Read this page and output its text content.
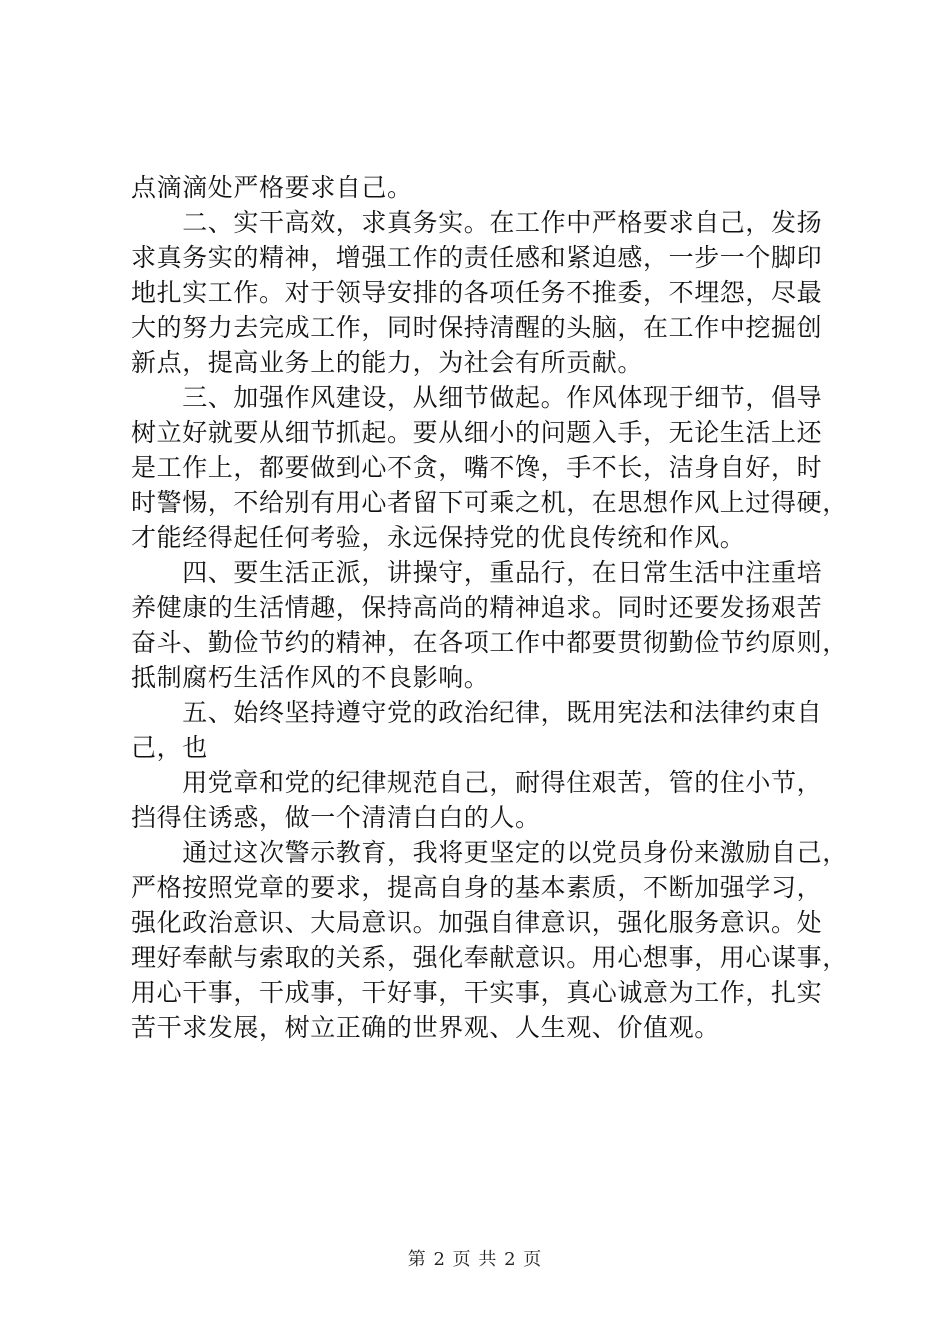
点滴滴处严格要求自己。
　　二、实干高效，求真务实。在工作中严格要求自己，发扬
求真务实的精神，增强工作的责任感和紧迫感，一步一个脚印
地扎实工作。对于领导安排的各项任务不推委，不埋怨，尽最
大的努力去完成工作，同时保持清醒的头脑，在工作中挖掘创
新点，提高业务上的能力，为社会有所贡献。
　　三、加强作风建设，从细节做起。作风体现于细节，倡导
树立好就要从细节抓起。要从细小的问题入手，无论生活上还
是工作上，都要做到心不贪，嘴不馋，手不长，洁身自好，时
时警惕，不给别有用心者留下可乘之机，在思想作风上过得硬，
才能经得起任何考验，永远保持党的优良传统和作风。
　　四、要生活正派，讲操守，重品行，在日常生活中注重培
养健康的生活情趣，保持高尚的精神追求。同时还要发扬艰苦
奋斗、勤俭节约的精神，在各项工作中都要贯彻勤俭节约原则，
抵制腐朽生活作风的不良影响。
　　五、始终坚持遵守党的政治纪律，既用宪法和法律约束自
己，也
　　用党章和党的纪律规范自己，耐得住艰苦，管的住小节，
挡得住诱惑，做一个清清白白的人。
　　通过这次警示教育，我将更坚定的以党员身份来激励自己，
严格按照党章的要求，提高自身的基本素质，不断加强学习，
强化政治意识、大局意识。加强自律意识，强化服务意识。处
理好奉献与索取的关系，强化奉献意识。用心想事，用心谋事，
用心干事，干成事，干好事，干实事，真心诚意为工作，扎实
苦干求发展，树立正确的世界观、人生观、价值观。
第 2 页 共 2 页
